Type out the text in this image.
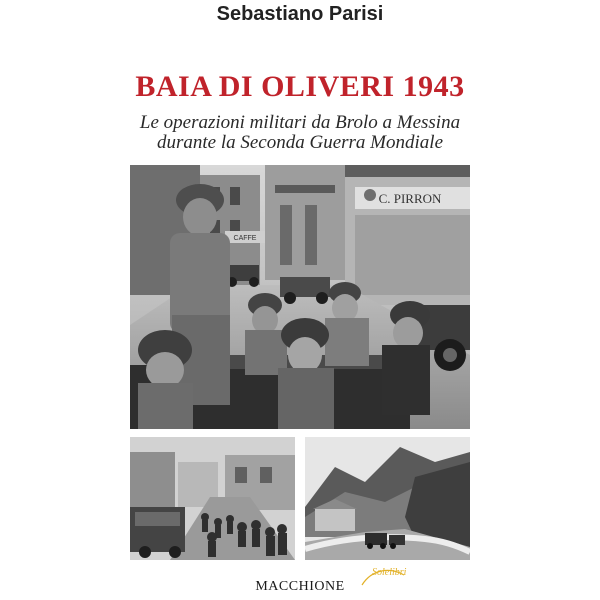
Sebastiano Parisi
BAIA DI OLIVERI 1943
Le operazioni militari da Brolo a Messina
durante la Seconda Guerra Mondiale
CAFFE
C. PIRRON
MACCHIONE
Solelibri
